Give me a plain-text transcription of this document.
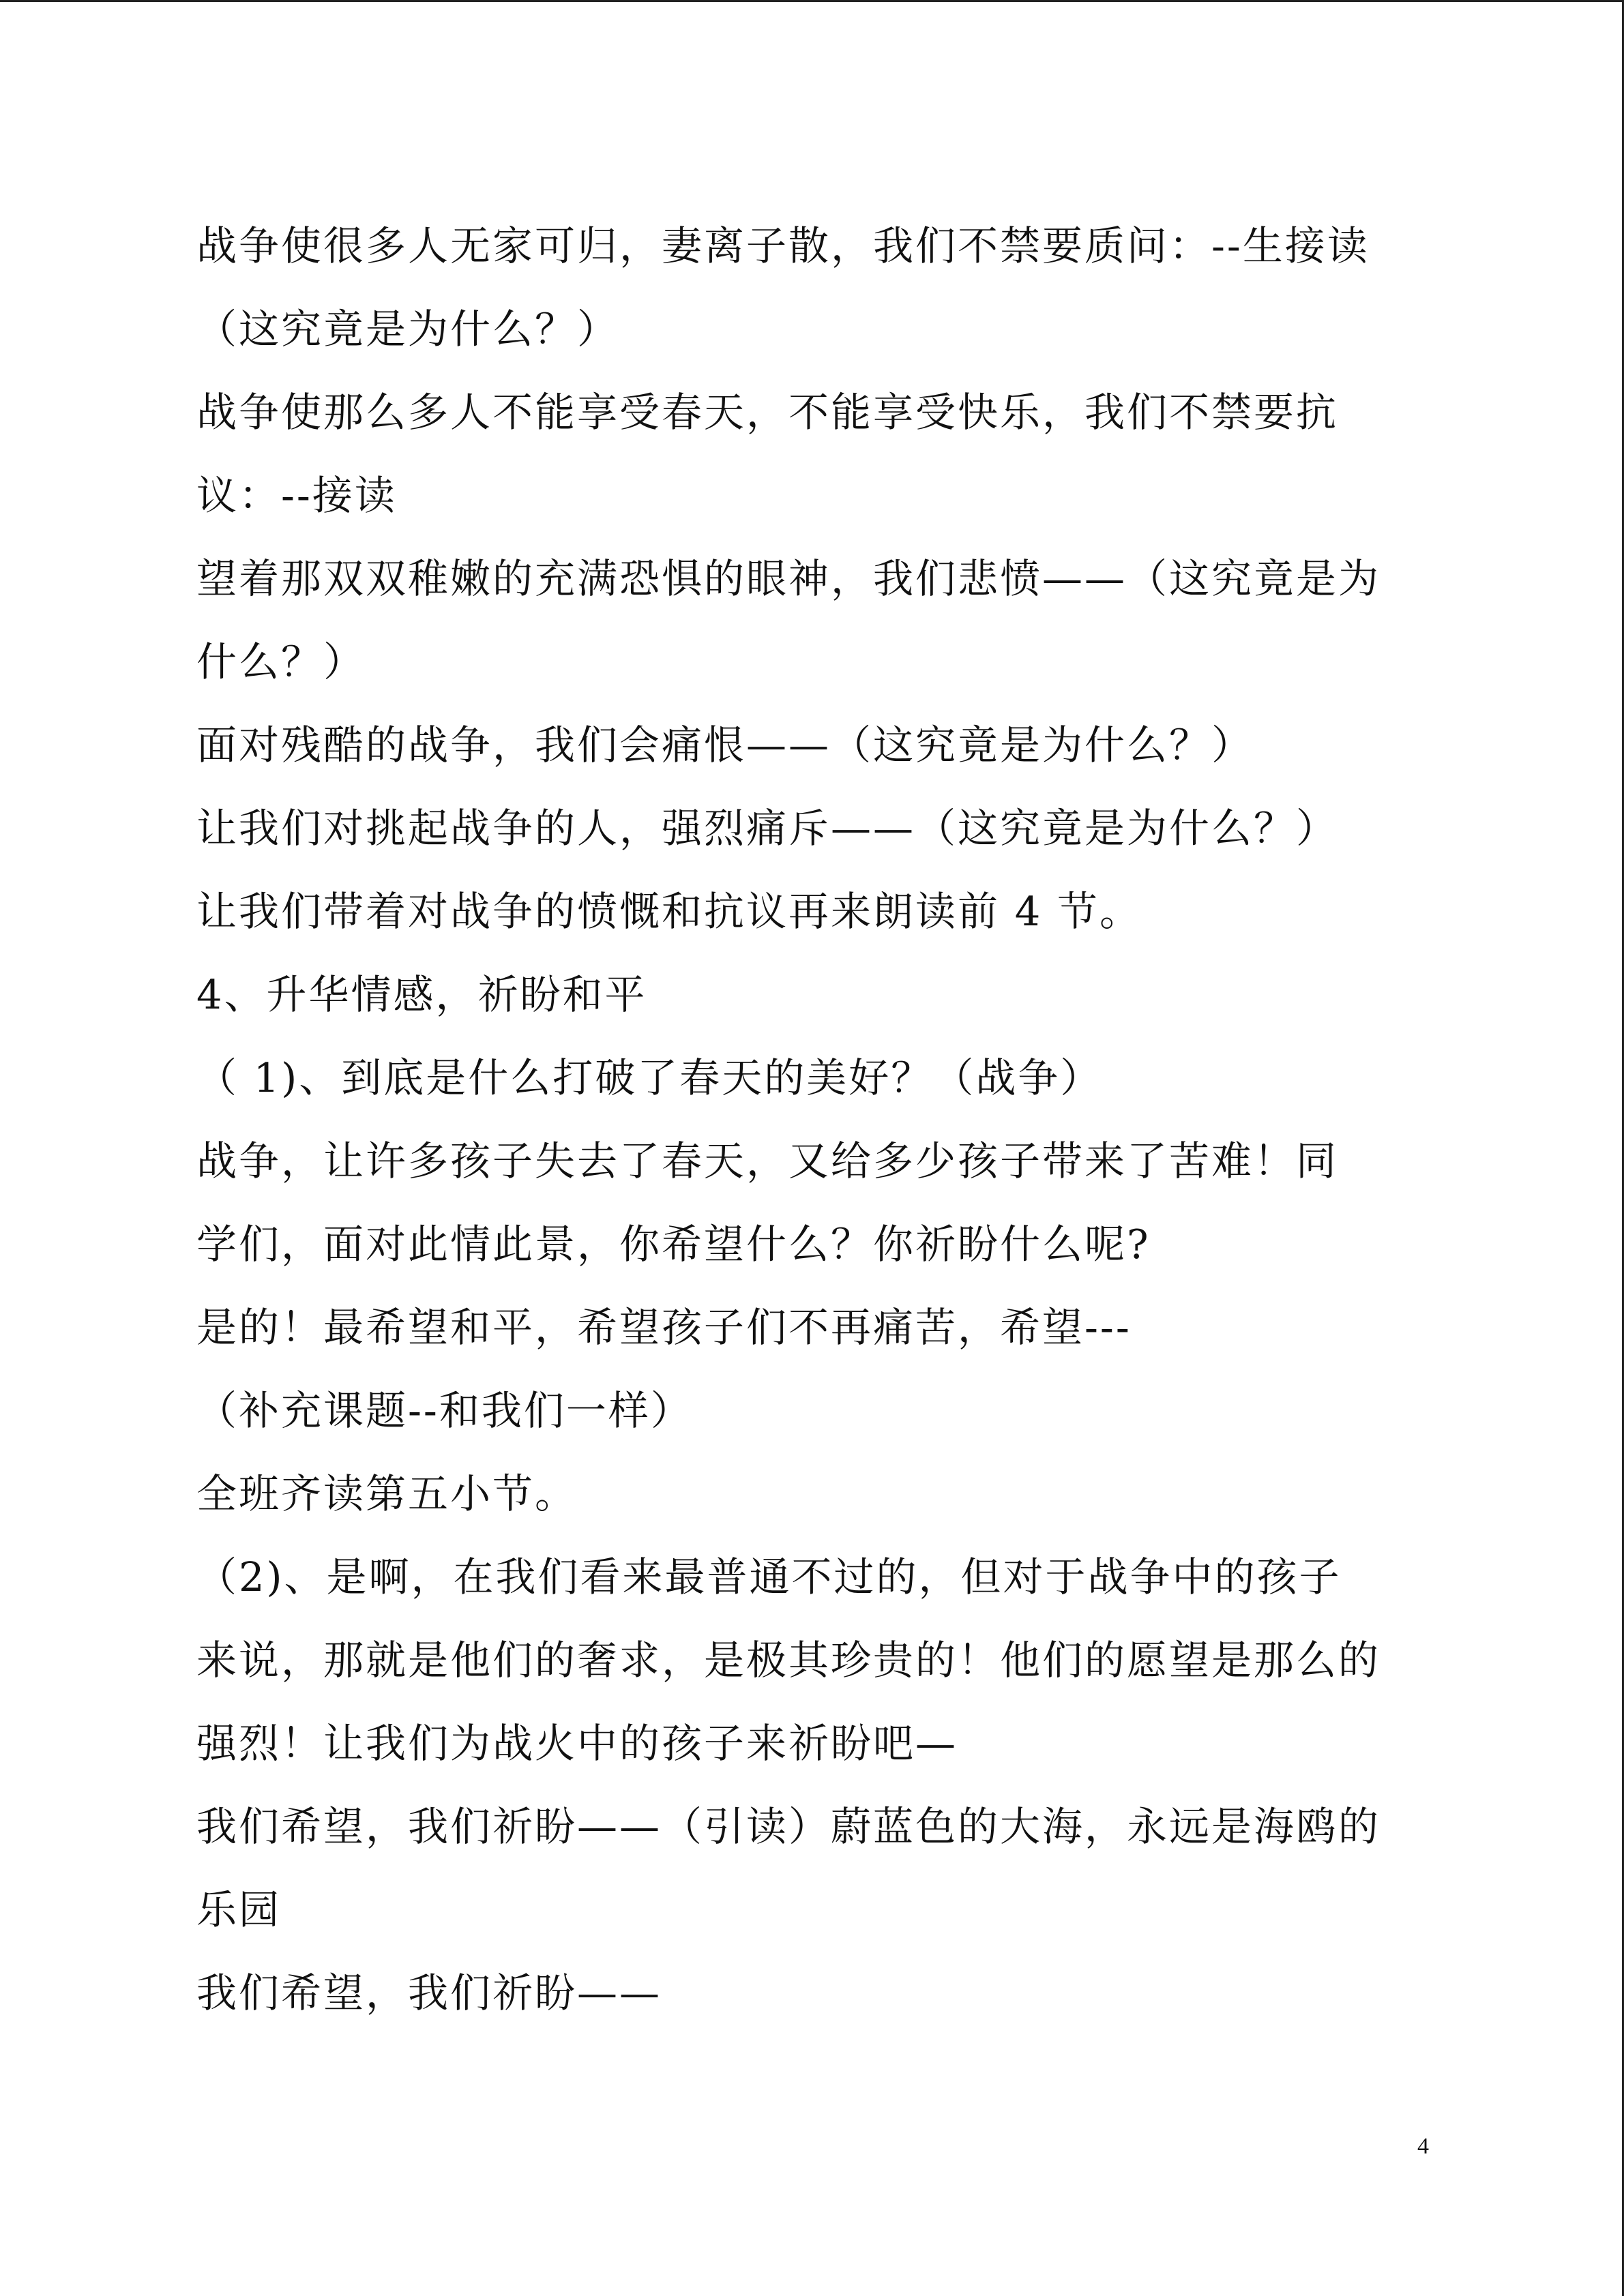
战争使很多人无家可归，妻离子散，我们不禁要质问：--生接读
（这究竟是为什么？）
战争使那么多人不能享受春天，不能享受快乐，我们不禁要抗
议：--接读
望着那双双稚嫩的充满恐惧的眼神，我们悲愤——（这究竟是为
什么？）
面对残酷的战争，我们会痛恨——（这究竟是为什么？）
让我们对挑起战争的人，强烈痛斥——（这究竟是为什么？）
让我们带着对战争的愤慨和抗议再来朗读前 4 节。
4、升华情感，祈盼和平
（ 1)、到底是什么打破了春天的美好？（战争）
战争，让许多孩子失去了春天，又给多少孩子带来了苦难！同
学们，面对此情此景，你希望什么？你祈盼什么呢?
是的！最希望和平，希望孩子们不再痛苦，希望---
（补充课题--和我们一样）
全班齐读第五小节。
（2)、是啊，在我们看来最普通不过的，但对于战争中的孩子
来说，那就是他们的奢求，是极其珍贵的！他们的愿望是那么的
强烈！让我们为战火中的孩子来祈盼吧—
我们希望，我们祈盼——（引读）蔚蓝色的大海，永远是海鸥的
乐园
我们希望，我们祈盼——
4
